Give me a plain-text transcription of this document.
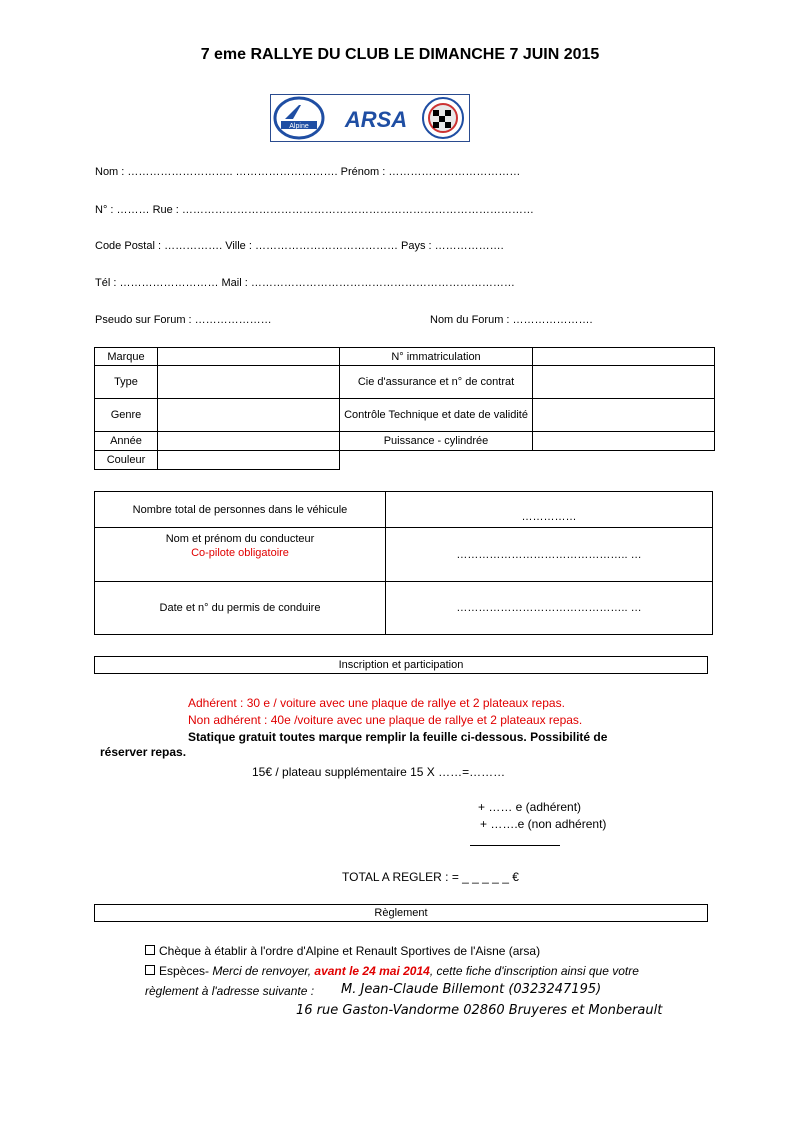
7 eme RALLYE DU CLUB LE DIMANCHE 7 JUIN 2015
Alpine ARSA
Nom : ……………………….. ………………………. Prénom : ………………………………
N° : ……… Rue : ……………………………………………………………………………………
Code Postal : ……………. Ville : ………………………………… Pays : ……………….
Tél : ……………………… Mail : ………………………………………………………………
Pseudo sur Forum : …………………	Nom du Forum : ………………….
Marque		N° immatriculation	
Type		Cie d'assurance et n° de contrat	
Genre		Contrôle Technique et date de validité	
Année		Puissance - cylindrée	
Couleur			
Nombre total de personnes dans le véhicule	……………

Nom et prénom du conducteur
Co-pilote obligatoire	……………………………………….. …
Date et n° du permis de conduire	……………………………………….. …
Inscription et participation
Adhérent : 30 e / voiture avec une plaque de rallye et 2 plateaux repas.
Non adhérent : 40e /voiture avec une plaque de rallye et 2 plateaux repas.
Statique gratuit toutes marque remplir la feuille ci-dessous. Possibilité de
réserver repas.
15€ / plateau supplémentaire 15 X ……=………
+ …… e (adhérent)
+ …….e (non adhérent)
TOTAL A REGLER : = _ _ _ _ _ €
Règlement
Chèque à établir à l'ordre d'Alpine et Renault Sportives de l'Aisne (arsa)
Espèces- Merci de renvoyer, avant le 24 mai 2014, cette fiche d'inscription ainsi que votre
règlement à l'adresse suivante : M. Jean-Claude Billemont (0323247195)
16 rue Gaston-Vandorme 02860 Bruyeres et Monberault
